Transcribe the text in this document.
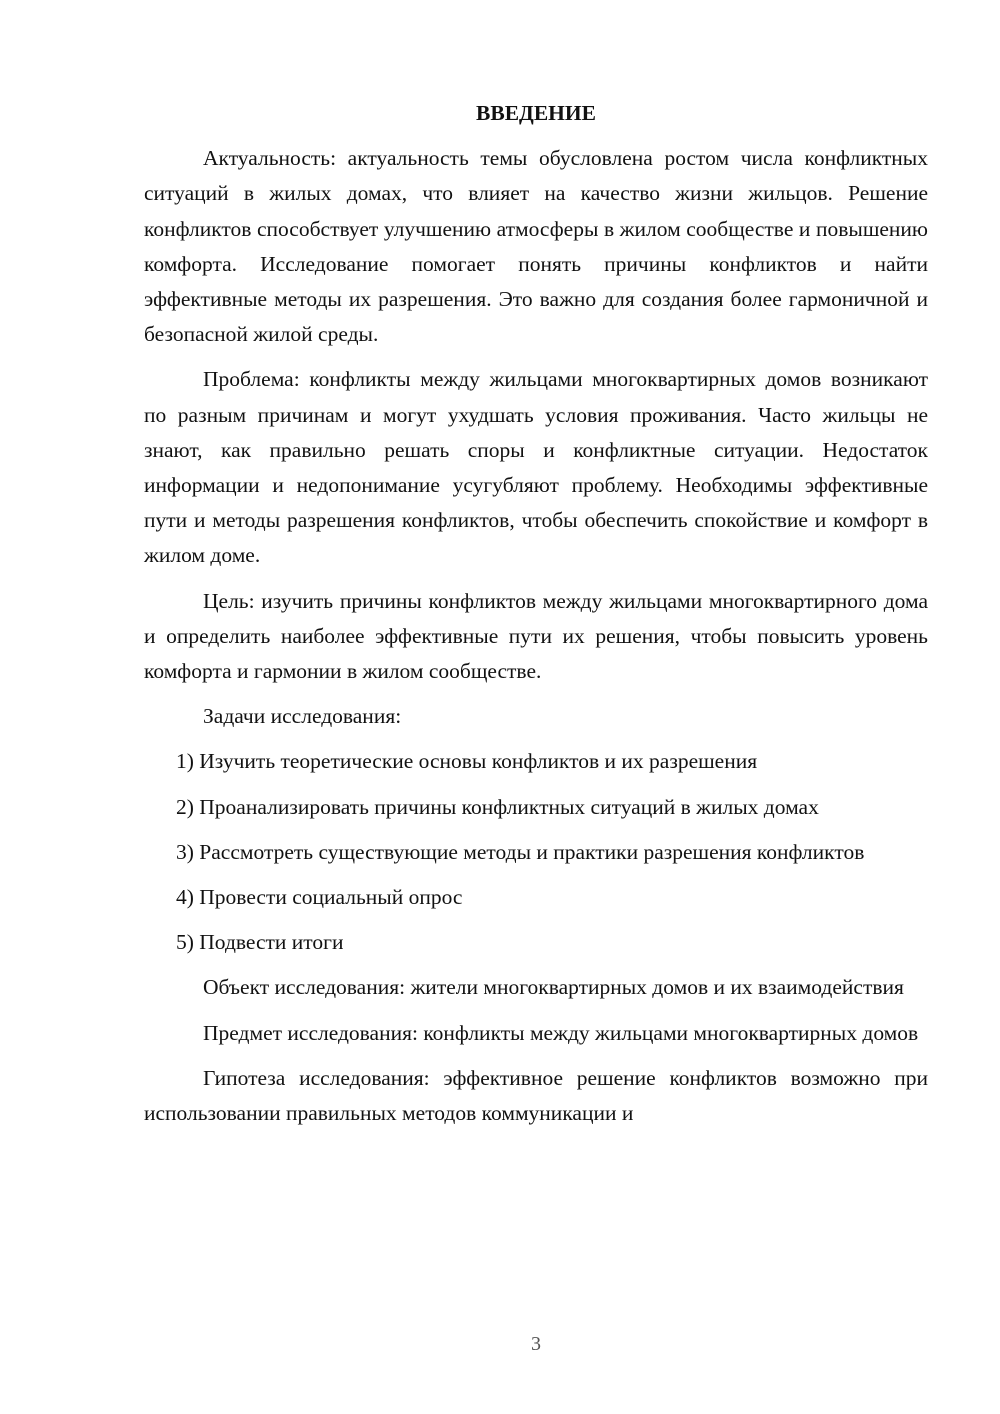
ВВЕДЕНИЕ

Актуальность: актуальность темы обусловлена ростом числа конфликтных ситуаций в жилых домах, что влияет на качество жизни жильцов. Решение конфликтов способствует улучшению атмосферы в жилом сообществе и повышению комфорта. Исследование помогает понять причины конфликтов и найти эффективные методы их разрешения. Это важно для создания более гармоничной и безопасной жилой среды.

Проблема: конфликты между жильцами многоквартирных домов возникают по разным причинам и могут ухудшать условия проживания. Часто жильцы не знают, как правильно решать споры и конфликтные ситуации. Недостаток информации и недопонимание усугубляют проблему. Необходимы эффективные пути и методы разрешения конфликтов, чтобы обеспечить спокойствие и комфорт в жилом доме.

Цель: изучить причины конфликтов между жильцами многоквартирного дома и определить наиболее эффективные пути их решения, чтобы повысить уровень комфорта и гармонии в жилом сообществе.

Задачи исследования:

1) Изучить теоретические основы конфликтов и их разрешения

2) Проанализировать причины конфликтных ситуаций в жилых домах

3) Рассмотреть существующие методы и практики разрешения конфликтов

4) Провести социальный опрос

5) Подвести итоги

Объект исследования: жители многоквартирных домов и их взаимодействия

Предмет исследования: конфликты между жильцами многоквартирных домов

Гипотеза исследования: эффективное решение конфликтов возможно при использовании правильных методов коммуникации и

3
